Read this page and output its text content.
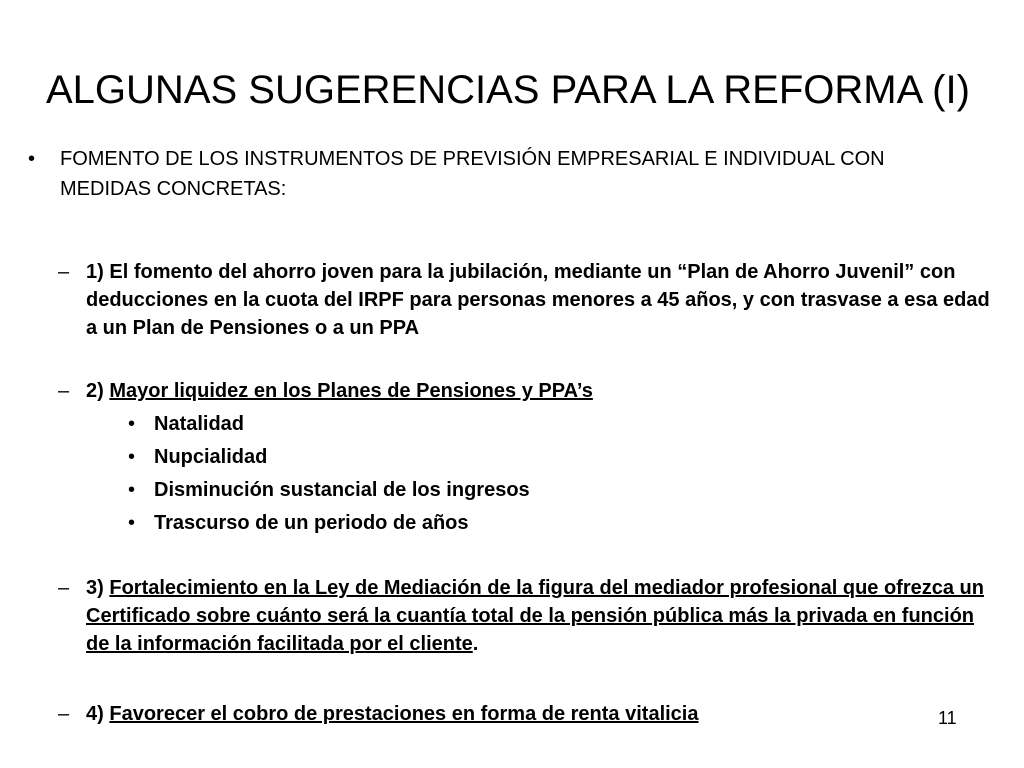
ALGUNAS SUGERENCIAS PARA LA REFORMA (I)
• FOMENTO DE LOS INSTRUMENTOS DE PREVISIÓN EMPRESARIAL E INDIVIDUAL CON MEDIDAS CONCRETAS:
– 1) El fomento del ahorro joven para la jubilación, mediante un “Plan de Ahorro Juvenil” con deducciones en la cuota del IRPF para personas menores a 45 años, y con trasvase a esa edad a un Plan de Pensiones o a un PPA
– 2) Mayor liquidez en los Planes de Pensiones y PPA’s
• Natalidad
• Nupcialidad
• Disminución sustancial de los ingresos
• Trascurso de un periodo de años
– 3) Fortalecimiento en la Ley de Mediación de la figura del mediador profesional que ofrezca un Certificado sobre cuánto será la cuantía total de la pensión pública más la privada en función de la información facilitada por el cliente.
– 4) Favorecer el cobro de prestaciones en forma de renta vitalicia	11
